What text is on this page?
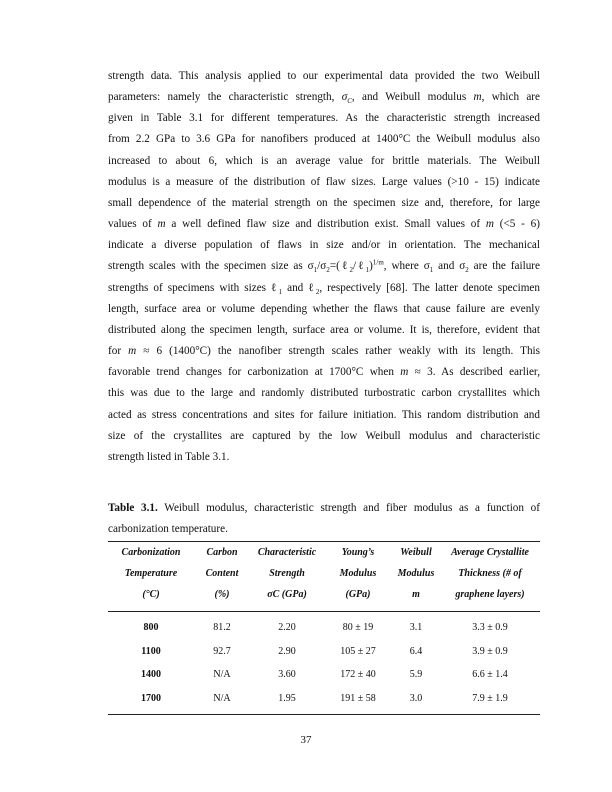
strength data. This analysis applied to our experimental data provided the two Weibull
parameters: namely the characteristic strength, $\sigma_C$, and Weibull modulus m, which are
given in Table 3.1 for different temperatures. As the characteristic strength increased
from 2.2 GPa to 3.6 GPa for nanofibers produced at 1400°C the Weibull modulus also
increased to about 6, which is an average value for brittle materials. The Weibull
modulus is a measure of the distribution of flaw sizes. Large values (>10 - 15) indicate
small dependence of the material strength on the specimen size and, therefore, for large
values of m a well defined flaw size and distribution exist. Small values of m (<5 - 6)
indicate a diverse population of flaws in size and/or in orientation. The mechanical
strength scales with the specimen size as $\sigma_1/\sigma_2=(\ell_2/\ell_1)^{1/m}$, where $\sigma_1$ and $\sigma_2$ are the failure
strengths of specimens with sizes ℓ$_1$ and ℓ$_2$, respectively [68]. The latter denote specimen
length, surface area or volume depending whether the flaws that cause failure are evenly
distributed along the specimen length, surface area or volume. It is, therefore, evident that
for m ≈ 6 (1400°C) the nanofiber strength scales rather weakly with its length. This
favorable trend changes for carbonization at 1700°C when m ≈ 3. As described earlier,
this was due to the large and randomly distributed turbostratic carbon crystallites which
acted as stress concentrations and sites for failure initiation. This random distribution and
size of the crystallites are captured by the low Weibull modulus and characteristic
strength listed in Table 3.1.

Table 3.1. Weibull modulus, characteristic strength and fiber modulus as a function of
carbonization temperature.
Carbonization	Carbon	Characteristic	Young’s	Weibull	Average Crystallite
Temperature	Content	Strength	Modulus	Modulus	Thickness (# of
(°C)	(%)	σC (GPa)	(GPa)	m	graphene layers)
800	81.2	2.20	80 ± 19	3.1	3.3 ± 0.9
1100	92.7	2.90	105 ± 27	6.4	3.9 ± 0.9
1400	N/A	3.60	172 ± 40	5.9	6.6 ± 1.4
1700	N/A	1.95	191 ± 58	3.0	7.9 ± 1.9
37
